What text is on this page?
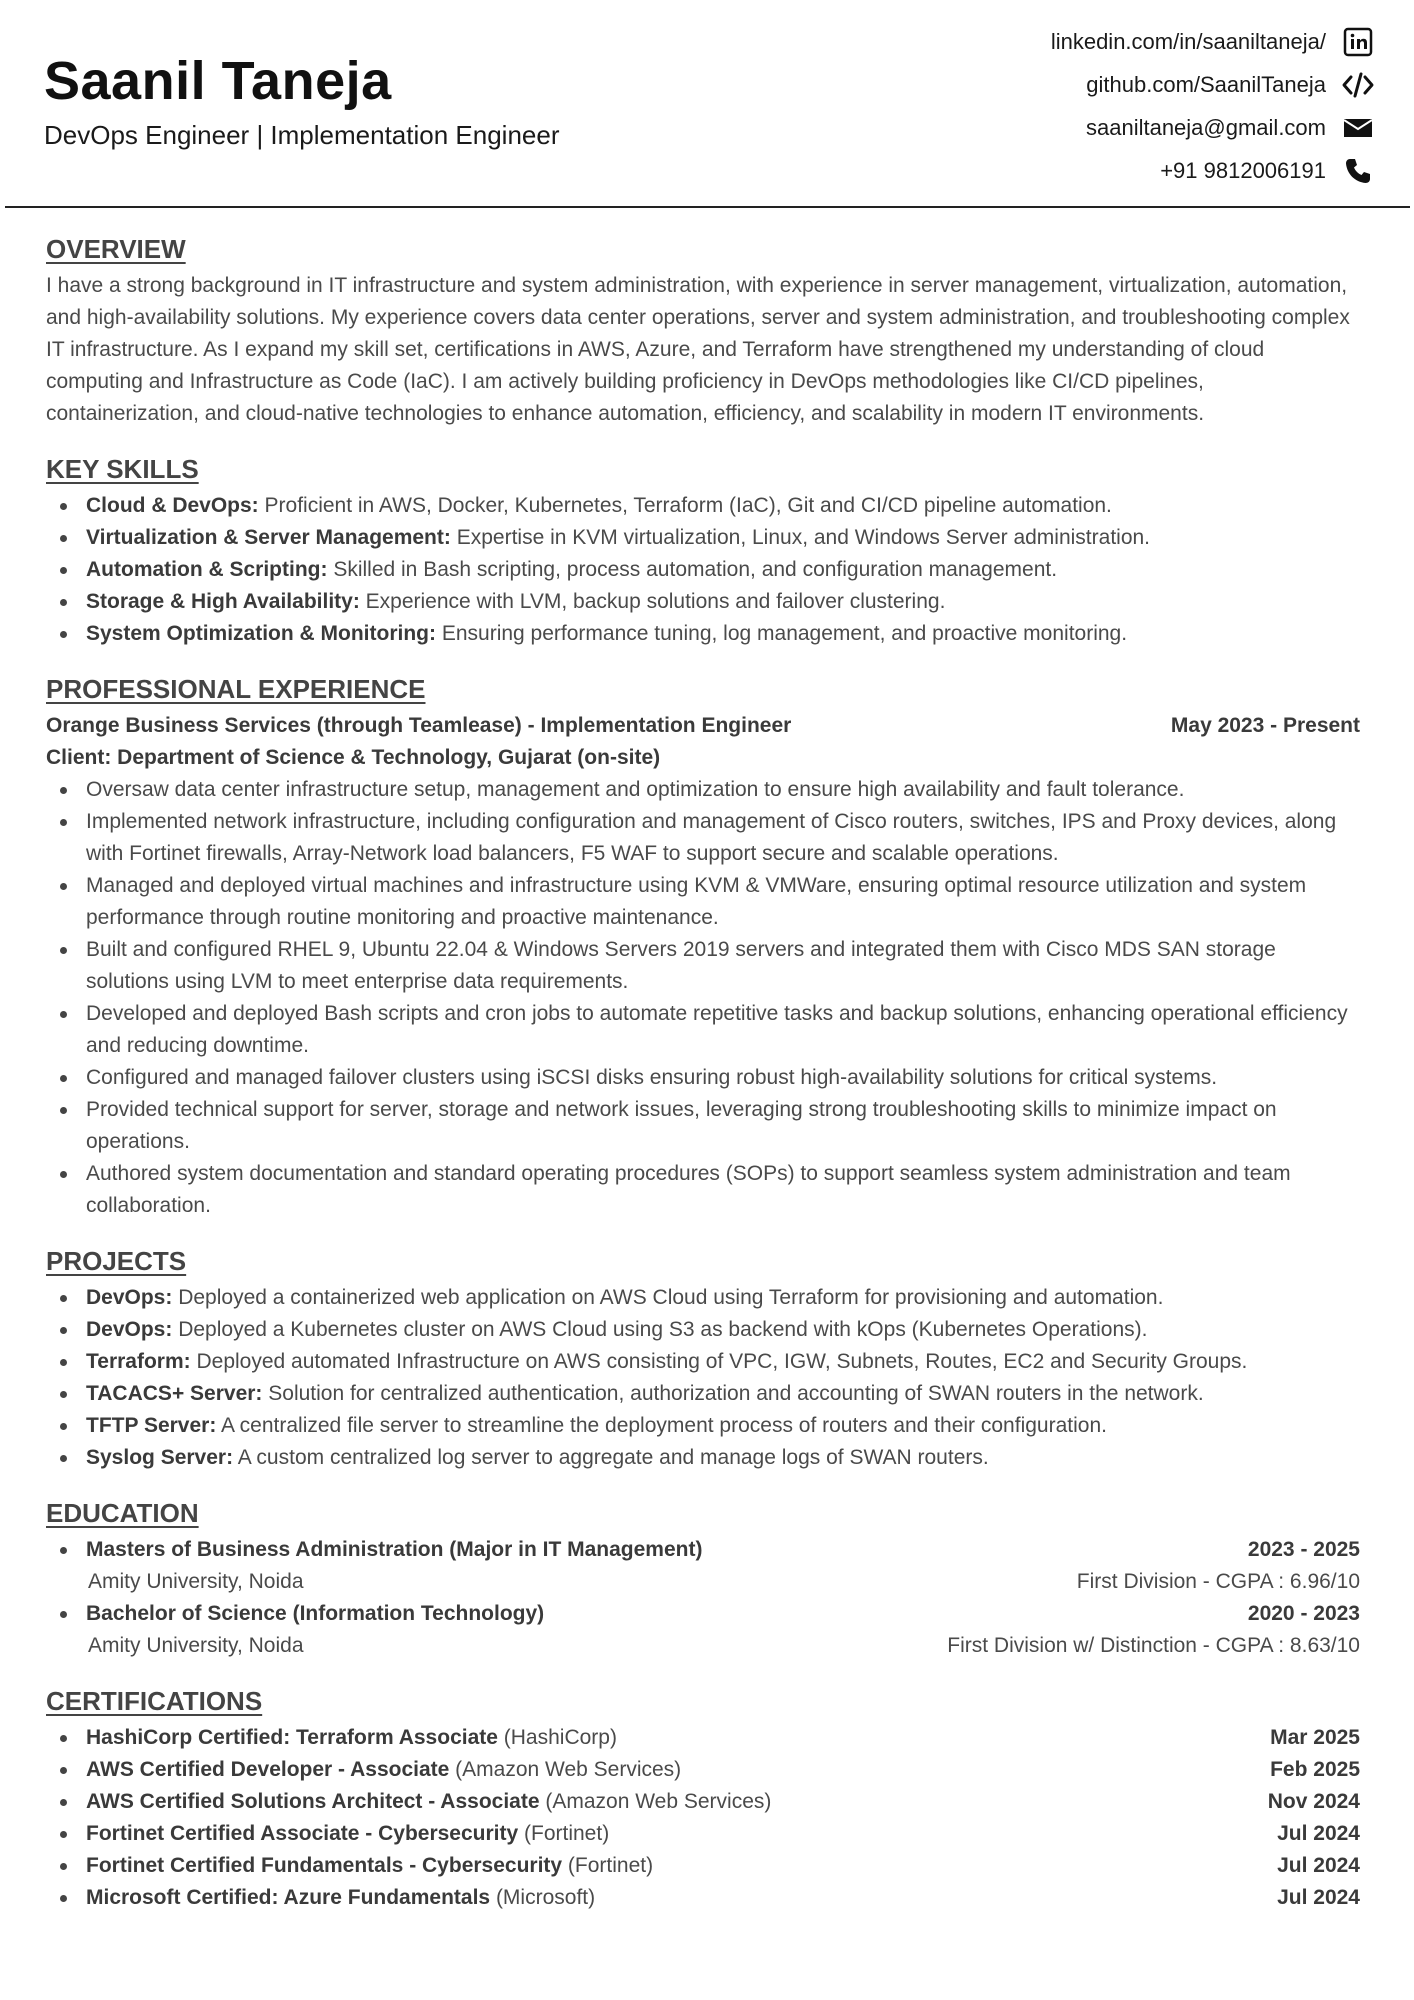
Saanil Taneja
DevOps Engineer | Implementation Engineer
linkedin.com/in/saaniltaneja/
github.com/SaanilTaneja
saaniltaneja@gmail.com
+91 9812006191
OVERVIEW
I have a strong background in IT infrastructure and system administration, with experience in server management, virtualization, automation, and high-availability solutions. My experience covers data center operations, server and system administration, and troubleshooting complex IT infrastructure. As I expand my skill set, certifications in AWS, Azure, and Terraform have strengthened my understanding of cloud computing and Infrastructure as Code (IaC). I am actively building proficiency in DevOps methodologies like CI/CD pipelines, containerization, and cloud-native technologies to enhance automation, efficiency, and scalability in modern IT environments.
KEY SKILLS
Cloud & DevOps: Proficient in AWS, Docker, Kubernetes, Terraform (IaC), Git and CI/CD pipeline automation.
Virtualization & Server Management: Expertise in KVM virtualization, Linux, and Windows Server administration.
Automation & Scripting: Skilled in Bash scripting, process automation, and configuration management.
Storage & High Availability: Experience with LVM, backup solutions and failover clustering.
System Optimization & Monitoring: Ensuring performance tuning, log management, and proactive monitoring.
PROFESSIONAL EXPERIENCE
Orange Business Services (through Teamlease) - Implementation Engineer	May 2023 - Present
Client: Department of Science & Technology, Gujarat (on-site)
Oversaw data center infrastructure setup, management and optimization to ensure high availability and fault tolerance.
Implemented network infrastructure, including configuration and management of Cisco routers, switches, IPS and Proxy devices, along with Fortinet firewalls, Array-Network load balancers, F5 WAF to support secure and scalable operations.
Managed and deployed virtual machines and infrastructure using KVM & VMWare, ensuring optimal resource utilization and system performance through routine monitoring and proactive maintenance.
Built and configured RHEL 9, Ubuntu 22.04 & Windows Servers 2019 servers and integrated them with Cisco MDS SAN storage solutions using LVM to meet enterprise data requirements.
Developed and deployed Bash scripts and cron jobs to automate repetitive tasks and backup solutions, enhancing operational efficiency and reducing downtime.
Configured and managed failover clusters using iSCSI disks ensuring robust high-availability solutions for critical systems.
Provided technical support for server, storage and network issues, leveraging strong troubleshooting skills to minimize impact on operations.
Authored system documentation and standard operating procedures (SOPs) to support seamless system administration and team collaboration.
PROJECTS
DevOps: Deployed a containerized web application on AWS Cloud using Terraform for provisioning and automation.
DevOps: Deployed a Kubernetes cluster on AWS Cloud using S3 as backend with kOps (Kubernetes Operations).
Terraform: Deployed automated Infrastructure on AWS consisting of VPC, IGW, Subnets, Routes, EC2 and Security Groups.
TACACS+ Server: Solution for centralized authentication, authorization and accounting of SWAN routers in the network.
TFTP Server: A centralized file server to streamline the deployment process of routers and their configuration.
Syslog Server: A custom centralized log server to aggregate and manage logs of SWAN routers.
EDUCATION
Masters of Business Administration (Major in IT Management)	2023 - 2025
Amity University, Noida	First Division - CGPA : 6.96/10
Bachelor of Science (Information Technology)	2020 - 2023
Amity University, Noida	First Division w/ Distinction - CGPA : 8.63/10
CERTIFICATIONS
HashiCorp Certified: Terraform Associate (HashiCorp)	Mar 2025
AWS Certified Developer - Associate (Amazon Web Services)	Feb 2025
AWS Certified Solutions Architect - Associate (Amazon Web Services)	Nov 2024
Fortinet Certified Associate - Cybersecurity (Fortinet)	Jul 2024
Fortinet Certified Fundamentals - Cybersecurity (Fortinet)	Jul 2024
Microsoft Certified: Azure Fundamentals (Microsoft)	Jul 2024
